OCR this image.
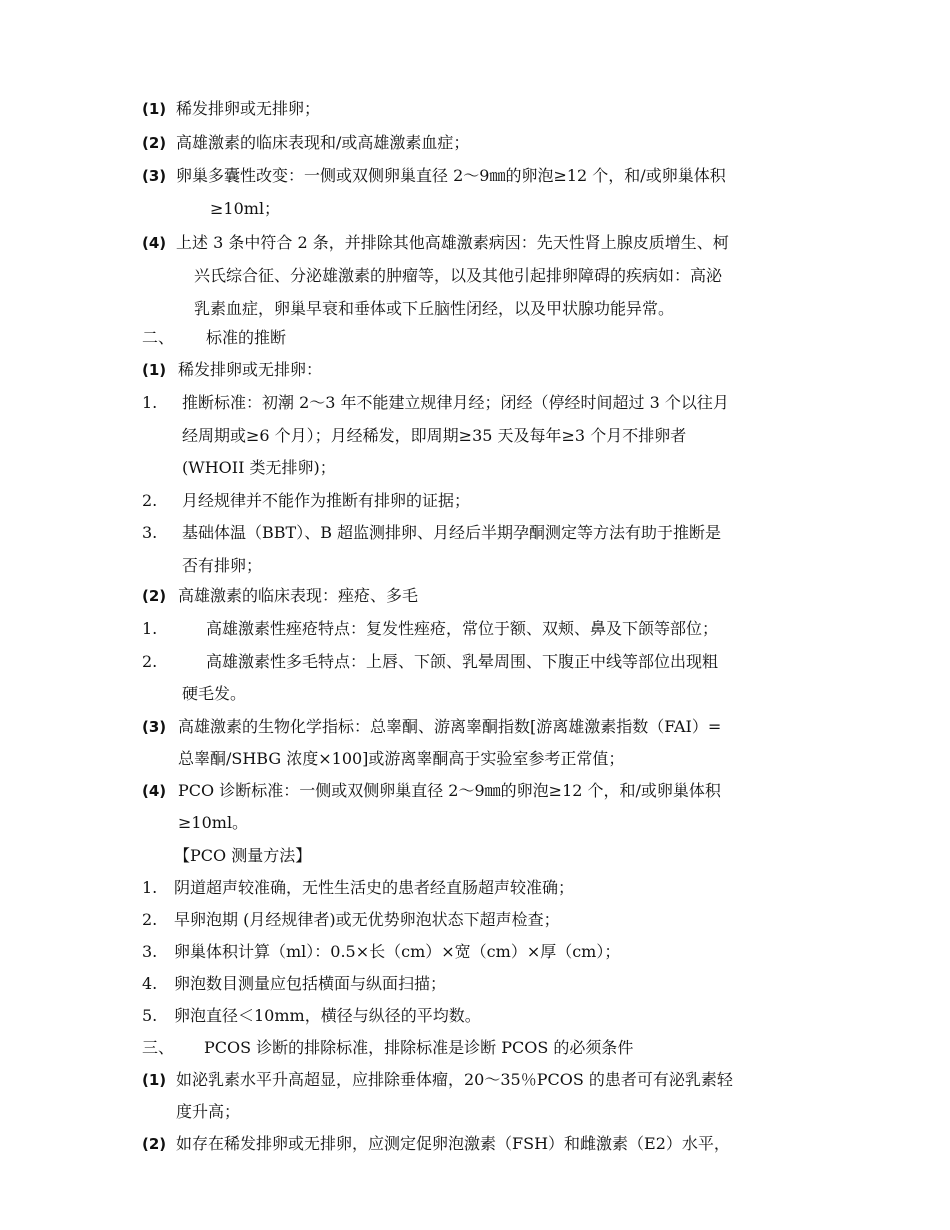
(1) 稀发排卵或无排卵；
(2) 高雄激素的临床表现和/或高雄激素血症；
(3) 卵巢多囊性改变：一侧或双侧卵巢直径 2～9㎜的卵泡≥12 个，和/或卵巢体积
≥10ml；
(4) 上述 3 条中符合 2 条，并排除其他高雄激素病因：先天性肾上腺皮质增生、柯
兴氏综合征、分泌雄激素的肿瘤等，以及其他引起排卵障碍的疾病如：高泌
乳素血症，卵巢早衰和垂体或下丘脑性闭经，以及甲状腺功能异常。
二、 标准的推断
(1) 稀发排卵或无排卵：
1. 推断标准：初潮 2～3 年不能建立规律月经；闭经（停经时间超过 3 个以往月
经周期或≥6 个月）；月经稀发，即周期≥35 天及每年≥3 个月不排卵者
(WHOII 类无排卵)；
2. 月经规律并不能作为推断有排卵的证据；
3. 基础体温（BBT）、B 超监测排卵、月经后半期孕酮测定等方法有助于推断是
否有排卵；
(2) 高雄激素的临床表现：痤疮、多毛
1.	高雄激素性痤疮特点：复发性痤疮，常位于额、双颊、鼻及下颌等部位；
2.	高雄激素性多毛特点：上唇、下颌、乳晕周围、下腹正中线等部位出现粗
硬毛发。
(3) 高雄激素的生物化学指标：总睾酮、游离睾酮指数[游离雄激素指数（FAI）=
总睾酮/SHBG 浓度×100]或游离睾酮高于实验室参考正常值；
(4) PCO 诊断标准：一侧或双侧卵巢直径 2～9㎜的卵泡≥12 个，和/或卵巢体积
≥10ml。
【PCO 测量方法】
1. 阴道超声较准确，无性生活史的患者经直肠超声较准确；
2. 早卵泡期 (月经规律者)或无优势卵泡状态下超声检查；
3. 卵巢体积计算（ml）：0.5×长（cm）×宽（cm）×厚（cm）；
4. 卵泡数目测量应包括横面与纵面扫描；
5. 卵泡直径＜10mm，横径与纵径的平均数。
三、 PCOS 诊断的排除标准，排除标准是诊断 PCOS 的必须条件
(1) 如泌乳素水平升高超显，应排除垂体瘤，20～35％PCOS 的患者可有泌乳素轻
度升高；
(2) 如存在稀发排卵或无排卵，应测定促卵泡激素（FSH）和雌激素（E2）水平，
